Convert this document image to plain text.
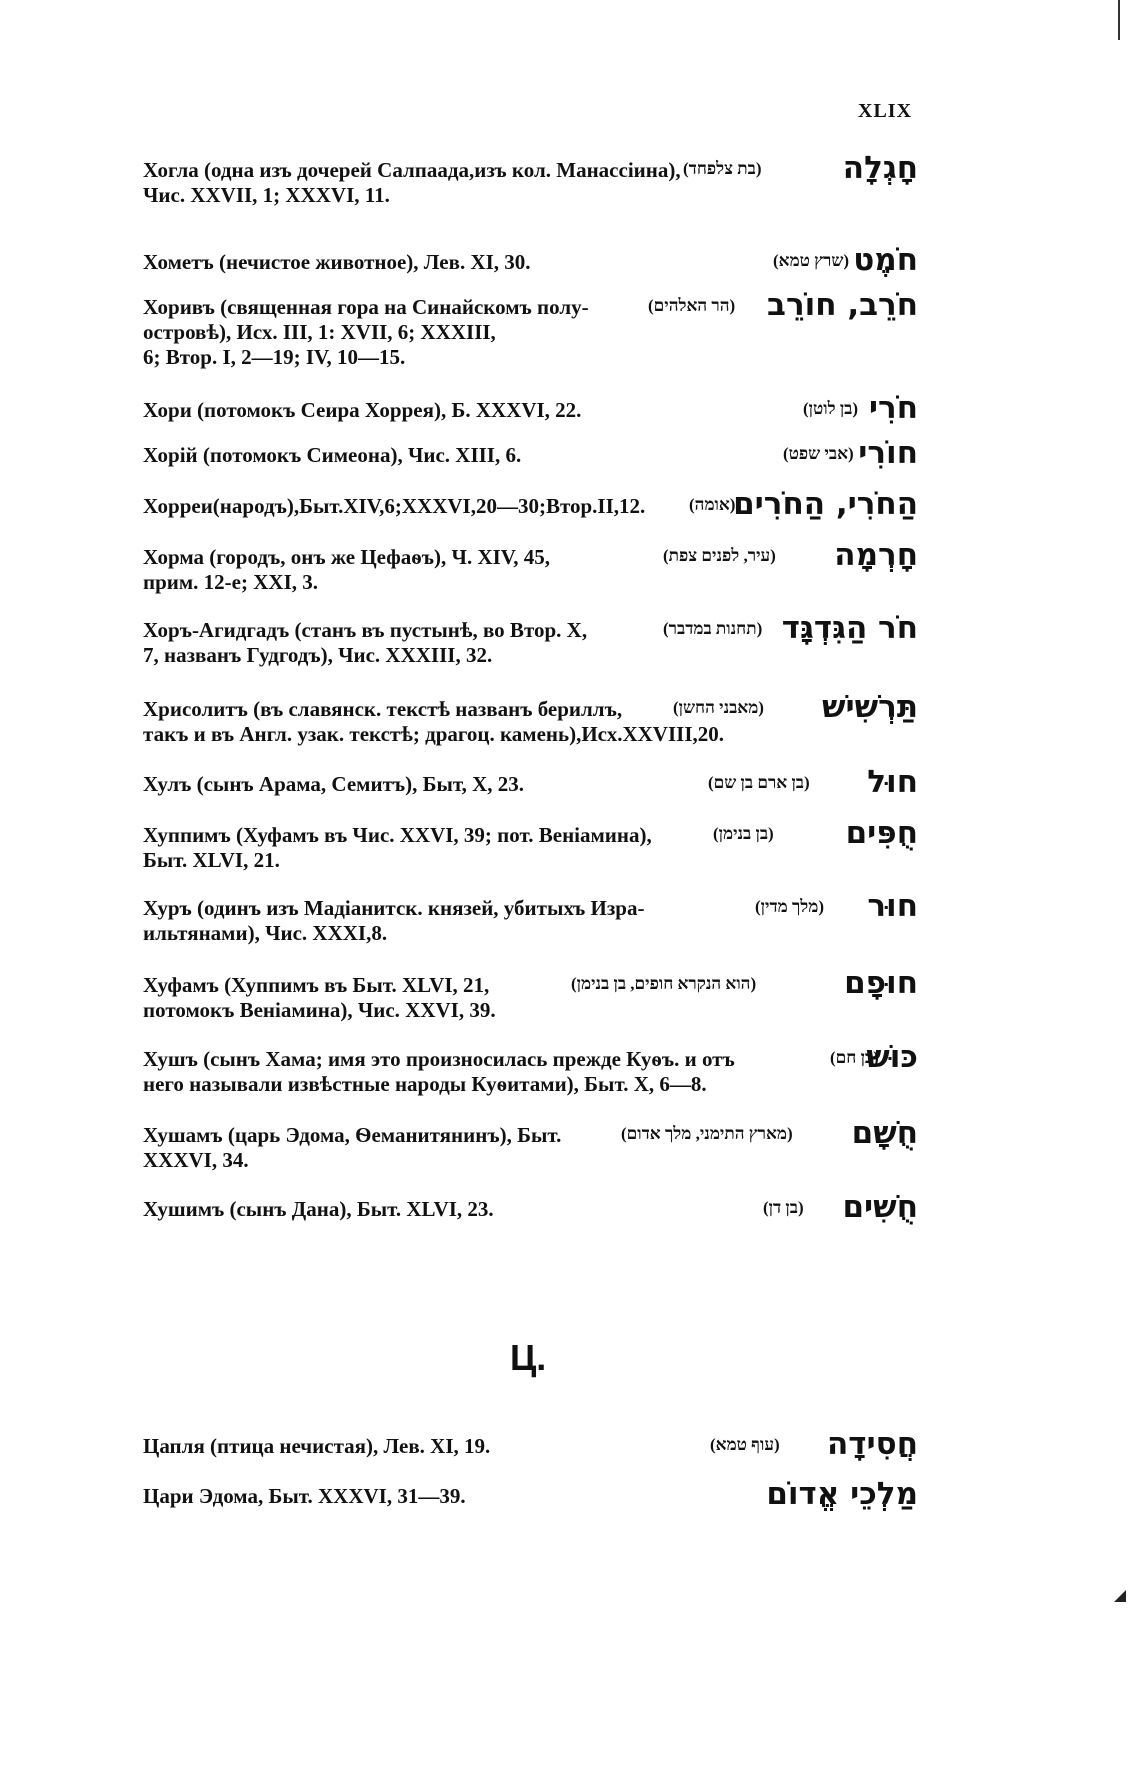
XLIX
Хогла (одна изъ дочерей Салпаада,изъ кол. Манассіина),
Чис. XXVII, 1; XXXVI, 11.
(בת צלפחד)	חָגְלָה
Хометъ (нечистое животное), Лев. XI, 30.	(שרץ טמא) חֹמֶט
Хоривъ (священная гора на Синайскомъ полу-
островѣ), Исх. III, 1: XVII, 6; XXXIII,
6; Втор. I, 2—19; IV, 10—15.
(הר האלהים) חֹרֵב, חוֹרֵב
Хори (потомокъ Сеира Хоррея), Б. XXXVI, 22.	(בן לוטן) חֹרִי
Хорій (потомокъ Симеона), Чис. XIII, 6.	(אבי שפט) חוֹרִי
Хорреи(народъ),Быт.XIV,6;XXXVI,20—30;Втор.II,12.	(אומה)
הַחֹרִי, הַחֹרִים
Хорма (городъ, онъ же Цефаѳъ), Ч. XIV, 45,
прим. 12-е; XXI, 3.
(עיר, לפנים צפת) חָרְמָה
Хоръ-Агидгадъ (станъ въ пустынѣ, во Втор. X,
7, названъ Гудгодъ), Чис. XXXIII, 32.
(תחנות במדבר) חֹר הַגִּדְגָּד
Хрисолитъ (въ славянск. текстѣ названъ бериллъ,
такъ и въ Англ. узак. текстѣ; драгоц. камень),Исх.XXVIII,20.
(מאבני החשן) תַּרְשִׁישׁ
Хулъ (сынъ Арама, Семитъ), Быт, X, 23.	(בן ארם בן שם) חוּל
Хуппимъ (Хуфамъ въ Чис. XXVI, 39; пот. Веніамина),
Быт. XLVI, 21.
(בן בנימן) חֻפִּים
Хуръ (одинъ изъ Мадіанитск. князей, убитыхъ Изра-
ильтянами), Чис. XXXI,8.
(מלך מדין) חוּר
Хуфамъ (Хуппимъ въ Быт. XLVI, 21,
потомокъ Веніамина), Чис. XXVI, 39.
(הוא הנקרא חופים, בן בנימן)	חוּפָם
Хушъ (сынъ Хама; имя это произносилась прежде Куѳъ. и отъ
него называли извѣстные народы Куѳитами), Быт. X, 6—8.
(בן חם)
כּוּשׁ
Хушамъ (царь Эдома, Ѳеманитянинъ), Быт.
XXXVI, 34.
(מארץ התימני, מלך אדום) חֻשָׁם
Хушимъ (сынъ Дана), Быт. XLVI, 23.	(בן דן) חֻשִׁים
Ц.
Цапля (птица нечистая), Лев. XI, 19.	(עוף טמא) חֲסִידָה
Цари Эдома, Быт. XXXVI, 31—39.	מַלְכֵי אֱדוֹם
